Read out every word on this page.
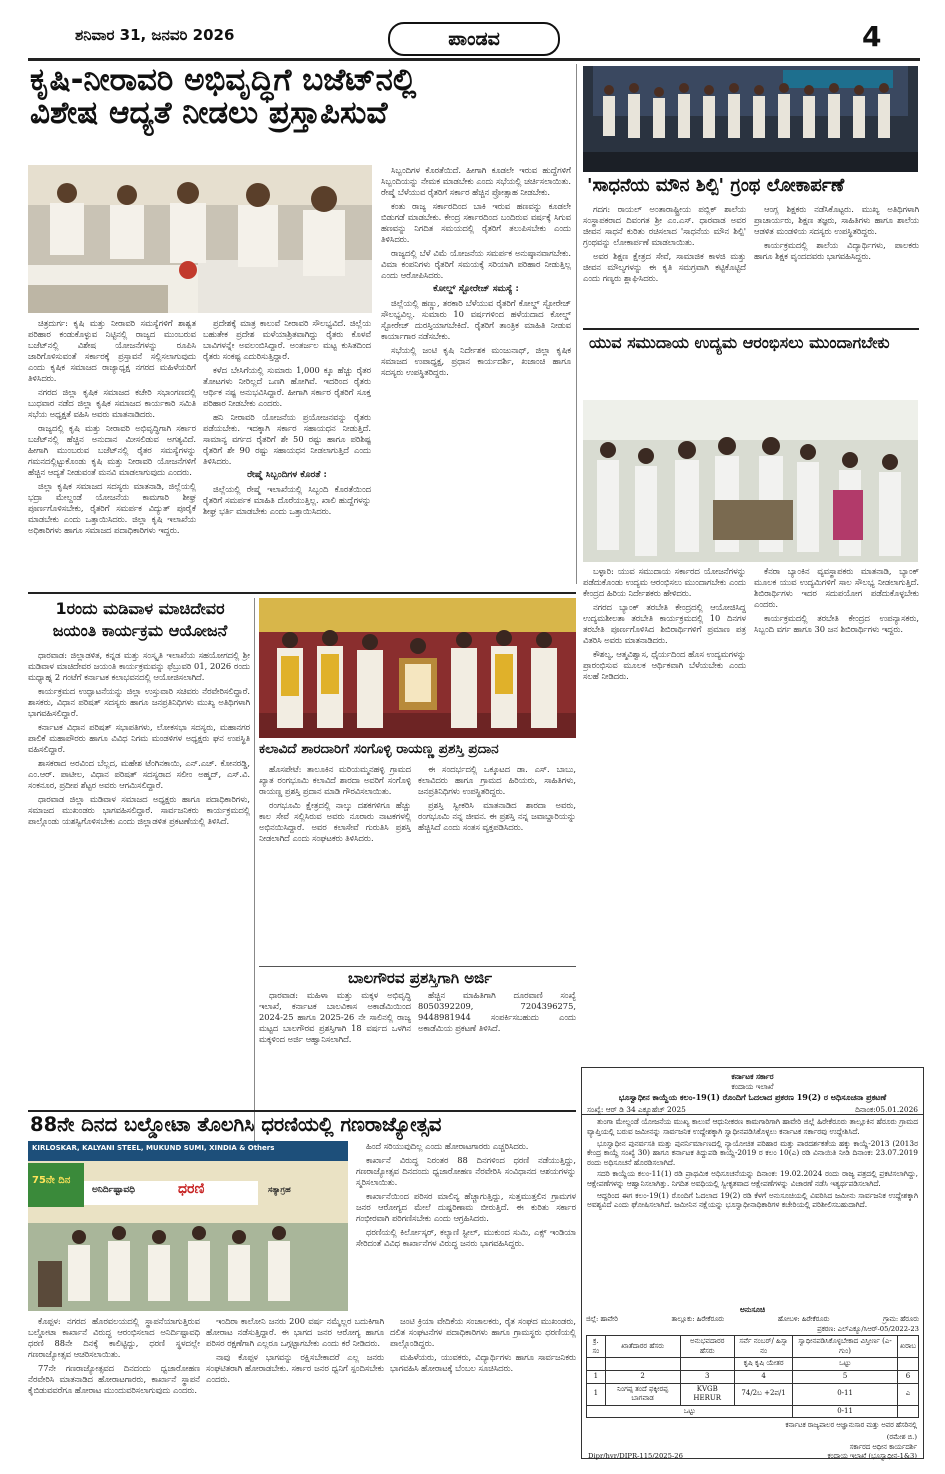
ಶನಿವಾರ 31, ಜನವರಿ 2026	ಪಾಂಡವ	4
ಕೃಷಿ-ನೀರಾವರಿ ಅಭಿವೃದ್ಧಿಗೆ ಬಜೆಟ್‌ನಲ್ಲಿ
ವಿಶೇಷ ಆದ್ಯತೆ ನೀಡಲು ಪ್ರಸ್ತಾಪಿಸುವೆ

ಚಿತ್ರದುರ್ಗ: ಕೃಷಿ ಮತ್ತು ನೀರಾವರಿ ಸಮಸ್ಯೆಗಳಿಗೆ ಶಾಶ್ವತ ಪರಿಹಾರ ಕಂಡುಕೊಳ್ಳುವ ನಿಟ್ಟಿನಲ್ಲಿ ರಾಜ್ಯದ ಮುಂಬರುವ ಬಜೆಟ್‌ನಲ್ಲಿ ವಿಶೇಷ ಯೋಜನೆಗಳನ್ನು ರೂಪಿಸಿ ಜಾರಿಗೊಳಿಸುವಂತೆ ಸರ್ಕಾರಕ್ಕೆ ಪ್ರಸ್ತಾವನೆ ಸಲ್ಲಿಸಲಾಗುವುದು ಎಂದು ಕೃಷಿಕ ಸಮಾಜದ ರಾಜ್ಯಾಧ್ಯಕ್ಷ ನಗರದ ಮಹಿಳೆಯರಿಗೆ ತಿಳಿಸಿದರು.

ನಗರದ ಜಿಲ್ಲಾ ಕೃಷಿಕ ಸಮಾಜದ ಕಚೇರಿ ಸಭಾಂಗಣದಲ್ಲಿ ಬುಧವಾರ ನಡೆದ ಜಿಲ್ಲಾ ಕೃಷಿಕ ಸಮಾಜದ ಕಾರ್ಯಕಾರಿ ಸಮಿತಿ ಸಭೆಯ ಅಧ್ಯಕ್ಷತೆ ವಹಿಸಿ ಅವರು ಮಾತನಾಡಿದರು.

ರಾಜ್ಯದಲ್ಲಿ ಕೃಷಿ ಮತ್ತು ನೀರಾವರಿ ಅಭಿವೃದ್ಧಿಗಾಗಿ ಸರ್ಕಾರ ಬಜೆಟ್‌ನಲ್ಲಿ ಹೆಚ್ಚಿನ ಅನುದಾನ ಮೀಸಲಿಡುವ ಅಗತ್ಯವಿದೆ. ಹೀಗಾಗಿ ಮುಂಬರುವ ಬಜೆಟ್‌ನಲ್ಲಿ ರೈತರ ಸಮಸ್ಯೆಗಳನ್ನು ಗಮನದಲ್ಲಿಟ್ಟುಕೊಂಡು ಕೃಷಿ ಮತ್ತು ನೀರಾವರಿ ಯೋಜನೆಗಳಿಗೆ ಹೆಚ್ಚಿನ ಆದ್ಯತೆ ನೀಡುವಂತೆ ಮನವಿ ಮಾಡಲಾಗುವುದು ಎಂದರು.

ಜಿಲ್ಲಾ ಕೃಷಿಕ ಸಮಾಜದ ಸದಸ್ಯರು ಮಾತನಾಡಿ, ಜಿಲ್ಲೆಯಲ್ಲಿ ಭದ್ರಾ ಮೇಲ್ದಂಡೆ ಯೋಜನೆಯ ಕಾಮಗಾರಿ ಶೀಘ್ರ ಪೂರ್ಣಗೊಳಿಸಬೇಕು, ರೈತರಿಗೆ ಸಮರ್ಪಕ ವಿದ್ಯುತ್ ಪೂರೈಕೆ ಮಾಡಬೇಕು ಎಂದು ಒತ್ತಾಯಿಸಿದರು. ಜಿಲ್ಲಾ ಕೃಷಿ ಇಲಾಖೆಯ ಅಧಿಕಾರಿಗಳು ಹಾಗೂ ಸಮಾಜದ ಪದಾಧಿಕಾರಿಗಳು ಇದ್ದರು.

ಪ್ರದೇಶಕ್ಕೆ ಮಾತ್ರ ಕಾಲುವೆ ನೀರಾವರಿ ಸೌಲಭ್ಯವಿದೆ. ಜಿಲ್ಲೆಯ ಬಹುತೇಕ ಪ್ರದೇಶ ಮಳೆಯಾಶ್ರಿತವಾಗಿದ್ದು ರೈತರು ಕೊಳವೆ ಬಾವಿಗಳನ್ನೇ ಅವಲಂಬಿಸಿದ್ದಾರೆ. ಅಂತರ್ಜಲ ಮಟ್ಟ ಕುಸಿತದಿಂದ ರೈತರು ಸಂಕಷ್ಟ ಎದುರಿಸುತ್ತಿದ್ದಾರೆ.

ಕಳೆದ ಬೇಸಿಗೆಯಲ್ಲಿ ಸುಮಾರು 1,000 ಕ್ಕೂ ಹೆಚ್ಚು ರೈತರ ತೋಟಗಳು ನೀರಿಲ್ಲದೆ ಒಣಗಿ ಹೋಗಿವೆ. ಇದರಿಂದ ರೈತರು ಆರ್ಥಿಕ ನಷ್ಟ ಅನುಭವಿಸಿದ್ದಾರೆ. ಹೀಗಾಗಿ ಸರ್ಕಾರ ರೈತರಿಗೆ ಸೂಕ್ತ ಪರಿಹಾರ ನೀಡಬೇಕು ಎಂದರು.

ಹನಿ ನೀರಾವರಿ ಯೋಜನೆಯ ಪ್ರಯೋಜನವನ್ನು ರೈತರು ಪಡೆಯಬೇಕು. ಇದಕ್ಕಾಗಿ ಸರ್ಕಾರ ಸಹಾಯಧನ ನೀಡುತ್ತಿದೆ. ಸಾಮಾನ್ಯ ವರ್ಗದ ರೈತರಿಗೆ ಶೇ 50 ರಷ್ಟು ಹಾಗೂ ಪರಿಶಿಷ್ಟ ರೈತರಿಗೆ ಶೇ 90 ರಷ್ಟು ಸಹಾಯಧನ ನೀಡಲಾಗುತ್ತಿದೆ ಎಂದು ತಿಳಿಸಿದರು.

ರೇಷ್ಮೆ ಸಿಬ್ಬಂದಿಗಳ ಕೊರತೆ :

ಜಿಲ್ಲೆಯಲ್ಲಿ ರೇಷ್ಮೆ ಇಲಾಖೆಯಲ್ಲಿ ಸಿಬ್ಬಂದಿ ಕೊರತೆಯಿಂದ ರೈತರಿಗೆ ಸಮರ್ಪಕ ಮಾಹಿತಿ ದೊರೆಯುತ್ತಿಲ್ಲ. ಖಾಲಿ ಹುದ್ದೆಗಳನ್ನು ಶೀಘ್ರ ಭರ್ತಿ ಮಾಡಬೇಕು ಎಂದು ಒತ್ತಾಯಿಸಿದರು.

ಸಿಬ್ಬಂದಿಗಳ ಕೊರತೆಯಿದೆ. ಹೀಗಾಗಿ ಕೂಡಲೇ ಇರುವ ಹುದ್ದೆಗಳಿಗೆ ಸಿಬ್ಬಂದಿಯನ್ನು ನೇಮಕ ಮಾಡಬೇಕು ಎಂದು ಸಭೆಯಲ್ಲಿ ಚರ್ಚಿಸಲಾಯಿತು. ರೇಷ್ಮೆ ಬೆಳೆಯುವ ರೈತರಿಗೆ ಸರ್ಕಾರ ಹೆಚ್ಚಿನ ಪ್ರೋತ್ಸಾಹ ನೀಡಬೇಕು.

ಕಂತು ರಾಜ್ಯ ಸರ್ಕಾರದಿಂದ ಬಾಕಿ ಇರುವ ಹಣವನ್ನು ಕೂಡಲೇ ಬಿಡುಗಡೆ ಮಾಡಬೇಕು. ಕೇಂದ್ರ ಸರ್ಕಾರದಿಂದ ಬಂದಿರುವ ವರ್ಷಕ್ಕೆ ಸಿಗುವ ಹಣವನ್ನು ನಿಗದಿತ ಸಮಯದಲ್ಲಿ ರೈತರಿಗೆ ತಲುಪಿಸಬೇಕು ಎಂದು ತಿಳಿಸಿದರು.

ರಾಜ್ಯದಲ್ಲಿ ಬೆಳೆ ವಿಮೆ ಯೋಜನೆಯ ಸಮರ್ಪಕ ಅನುಷ್ಠಾನವಾಗಬೇಕು. ವಿಮಾ ಕಂಪನಿಗಳು ರೈತರಿಗೆ ಸಮಯಕ್ಕೆ ಸರಿಯಾಗಿ ಪರಿಹಾರ ನೀಡುತ್ತಿಲ್ಲ ಎಂದು ಆರೋಪಿಸಿದರು.

ಕೋಲ್ಡ್ ಸ್ಟೋರೇಜ್ ಸಮಸ್ಯೆ :

ಜಿಲ್ಲೆಯಲ್ಲಿ ಹಣ್ಣು, ತರಕಾರಿ ಬೆಳೆಯುವ ರೈತರಿಗೆ ಕೋಲ್ಡ್ ಸ್ಟೋರೇಜ್ ಸೌಲಭ್ಯವಿಲ್ಲ. ಸುಮಾರು 10 ವರ್ಷಗಳಿಂದ ಹಳೆಯದಾದ ಕೋಲ್ಡ್ ಸ್ಟೋರೇಜ್ ದುರಸ್ತಿಯಾಗಬೇಕಿದೆ. ರೈತರಿಗೆ ತಾಂತ್ರಿಕ ಮಾಹಿತಿ ನೀಡುವ ಕಾರ್ಯಾಗಾರ ನಡೆಸಬೇಕು.

ಸಭೆಯಲ್ಲಿ ಜಂಟಿ ಕೃಷಿ ನಿರ್ದೇಶಕ ಮಂಜುನಾಥ್, ಜಿಲ್ಲಾ ಕೃಷಿಕ ಸಮಾಜದ ಉಪಾಧ್ಯಕ್ಷ, ಪ್ರಧಾನ ಕಾರ್ಯದರ್ಶಿ, ಖಜಾಂಚಿ ಹಾಗೂ ಸದಸ್ಯರು ಉಪಸ್ಥಿತರಿದ್ದರು.

'ಸಾಧನೆಯ ಮೌನ ಶಿಲ್ಪಿ' ಗ್ರಂಥ ಲೋಕಾರ್ಪಣೆ

ಗದಗ: ರಾಯಲ್ ಅಂತಾರಾಷ್ಟ್ರೀಯ ಪಬ್ಲಿಕ್ ಶಾಲೆಯ ಸಂಸ್ಥಾಪಕರಾದ ದಿವಂಗತ ಶ್ರೀ ಎಂ.ಎಸ್. ಧಾರವಾಡ ಅವರ ಜೀವನ ಸಾಧನೆ ಕುರಿತು ರಚಿಸಲಾದ 'ಸಾಧನೆಯ ಮೌನ ಶಿಲ್ಪಿ' ಗ್ರಂಥವನ್ನು ಲೋಕಾರ್ಪಣೆ ಮಾಡಲಾಯಿತು.

ಅವರ ಶಿಕ್ಷಣ ಕ್ಷೇತ್ರದ ಸೇವೆ, ಸಾಮಾಜಿಕ ಕಾಳಜಿ ಮತ್ತು ಜೀವನ ಮೌಲ್ಯಗಳನ್ನು ಈ ಕೃತಿ ಸಮಗ್ರವಾಗಿ ಕಟ್ಟಿಕೊಟ್ಟಿದೆ ಎಂದು ಗಣ್ಯರು ಶ್ಲಾಘಿಸಿದರು.

ಆಂಗ್ಲ ಶಿಕ್ಷಕರು ನಡೆಸಿಕೊಟ್ಟರು. ಮುಖ್ಯ ಅತಿಥಿಗಳಾಗಿ ಪ್ರಾಚಾರ್ಯರು, ಶಿಕ್ಷಣ ತಜ್ಞರು, ಸಾಹಿತಿಗಳು ಹಾಗೂ ಶಾಲೆಯ ಆಡಳಿತ ಮಂಡಳಿಯ ಸದಸ್ಯರು ಉಪಸ್ಥಿತರಿದ್ದರು.

ಕಾರ್ಯಕ್ರಮದಲ್ಲಿ ಶಾಲೆಯ ವಿದ್ಯಾರ್ಥಿಗಳು, ಪಾಲಕರು ಹಾಗೂ ಶಿಕ್ಷಕ ವೃಂದದವರು ಭಾಗವಹಿಸಿದ್ದರು.

ಯುವ ಸಮುದಾಯ ಉದ್ಯಮ ಆರಂಭಿಸಲು ಮುಂದಾಗಬೇಕು

ಬಳ್ಳಾರಿ: ಯುವ ಸಮುದಾಯ ಸರ್ಕಾರದ ಯೋಜನೆಗಳನ್ನು ಪಡೆದುಕೊಂಡು ಉದ್ಯಮ ಆರಂಭಿಸಲು ಮುಂದಾಗಬೇಕು ಎಂದು ಕೇಂದ್ರದ ಹಿರಿಯ ನಿರ್ದೇಶಕರು ಹೇಳಿದರು.

ನಗರದ ಬ್ಯಾಂಕ್ ತರಬೇತಿ ಕೇಂದ್ರದಲ್ಲಿ ಆಯೋಜಿಸಿದ್ದ ಉದ್ಯಮಶೀಲತಾ ತರಬೇತಿ ಕಾರ್ಯಕ್ರಮದಲ್ಲಿ 10 ದಿನಗಳ ತರಬೇತಿ ಪೂರ್ಣಗೊಳಿಸಿದ ಶಿಬಿರಾರ್ಥಿಗಳಿಗೆ ಪ್ರಮಾಣ ಪತ್ರ ವಿತರಿಸಿ ಅವರು ಮಾತನಾಡಿದರು.

ಕೌಶಲ್ಯ, ಆತ್ಮವಿಶ್ವಾಸ, ಧೈರ್ಯದಿಂದ ಹೊಸ ಉದ್ಯಮಗಳನ್ನು ಪ್ರಾರಂಭಿಸುವ ಮೂಲಕ ಆರ್ಥಿಕವಾಗಿ ಬೆಳೆಯಬೇಕು ಎಂದು ಸಲಹೆ ನೀಡಿದರು.

ಕೆನರಾ ಬ್ಯಾಂಕಿನ ವ್ಯವಸ್ಥಾಪಕರು ಮಾತನಾಡಿ, ಬ್ಯಾಂಕ್ ಮೂಲಕ ಯುವ ಉದ್ಯಮಿಗಳಿಗೆ ಸಾಲ ಸೌಲಭ್ಯ ನೀಡಲಾಗುತ್ತಿದೆ. ಶಿಬಿರಾರ್ಥಿಗಳು ಇದರ ಸದುಪಯೋಗ ಪಡೆದುಕೊಳ್ಳಬೇಕು ಎಂದರು.

ಕಾರ್ಯಕ್ರಮದಲ್ಲಿ ತರಬೇತಿ ಕೇಂದ್ರದ ಉಪನ್ಯಾಸಕರು, ಸಿಬ್ಬಂದಿ ವರ್ಗ ಹಾಗೂ 30 ಜನ ಶಿಬಿರಾರ್ಥಿಗಳು ಇದ್ದರು.

1ರಂದು ಮಡಿವಾಳ ಮಾಚಿದೇವರ
ಜಯಂತಿ ಕಾರ್ಯಕ್ರಮ ಆಯೋಜನೆ

ಧಾರವಾಡ: ಜಿಲ್ಲಾಡಳಿತ, ಕನ್ನಡ ಮತ್ತು ಸಂಸ್ಕೃತಿ ಇಲಾಖೆಯ ಸಹಯೋಗದಲ್ಲಿ ಶ್ರೀ ಮಡಿವಾಳ ಮಾಚಿದೇವರ ಜಯಂತಿ ಕಾರ್ಯಕ್ರಮವನ್ನು ಫೆಬ್ರುವರಿ 01, 2026 ರಂದು ಮಧ್ಯಾಹ್ನ 2 ಗಂಟೆಗೆ ಕರ್ನಾಟಕ ಕಲಾಭವನದಲ್ಲಿ ಆಯೋಜಿಸಲಾಗಿದೆ.

ಕಾರ್ಯಕ್ರಮದ ಉದ್ಘಾಟನೆಯನ್ನು ಜಿಲ್ಲಾ ಉಸ್ತುವಾರಿ ಸಚಿವರು ನೆರವೇರಿಸಲಿದ್ದಾರೆ. ಶಾಸಕರು, ವಿಧಾನ ಪರಿಷತ್ ಸದಸ್ಯರು ಹಾಗೂ ಜನಪ್ರತಿನಿಧಿಗಳು ಮುಖ್ಯ ಅತಿಥಿಗಳಾಗಿ ಭಾಗವಹಿಸಲಿದ್ದಾರೆ.

ಕರ್ನಾಟಕ ವಿಧಾನ ಪರಿಷತ್ ಸಭಾಪತಿಗಳು, ಲೋಕಸಭಾ ಸದಸ್ಯರು, ಮಹಾನಗರ ಪಾಲಿಕೆ ಮಹಾಪೌರರು ಹಾಗೂ ವಿವಿಧ ನಿಗಮ ಮಂಡಳಿಗಳ ಅಧ್ಯಕ್ಷರು ಘನ ಉಪಸ್ಥಿತಿ ವಹಿಸಲಿದ್ದಾರೆ.

ಶಾಸಕರಾದ ಅರವಿಂದ ಬೆಲ್ಲದ, ಮಹೇಶ ಟೆಂಗಿನಕಾಯಿ, ಎನ್.ಎಚ್. ಕೋನರಡ್ಡಿ, ಎಂ.ಆರ್. ಪಾಟೀಲ, ವಿಧಾನ ಪರಿಷತ್ ಸದಸ್ಯರಾದ ಸಲೀಂ ಅಹ್ಮದ್, ಎಸ್.ವಿ. ಸಂಕನೂರ, ಪ್ರದೀಪ ಶೆಟ್ಟರ ಅವರು ಆಗಮಿಸಲಿದ್ದಾರೆ.

ಧಾರವಾಡ ಜಿಲ್ಲಾ ಮಡಿವಾಳ ಸಮಾಜದ ಅಧ್ಯಕ್ಷರು ಹಾಗೂ ಪದಾಧಿಕಾರಿಗಳು, ಸಮಾಜದ ಮುಖಂಡರು ಭಾಗವಹಿಸಲಿದ್ದಾರೆ. ಸಾರ್ವಜನಿಕರು ಕಾರ್ಯಕ್ರಮದಲ್ಲಿ ಪಾಲ್ಗೊಂಡು ಯಶಸ್ವಿಗೊಳಿಸಬೇಕು ಎಂದು ಜಿಲ್ಲಾಡಳಿತ ಪ್ರಕಟಣೆಯಲ್ಲಿ ತಿಳಿಸಿದೆ.

ಕಲಾವಿದೆ ಶಾರದಾರಿಗೆ ಸಂಗೊಳ್ಳಿ ರಾಯಣ್ಣ ಪ್ರಶಸ್ತಿ ಪ್ರದಾನ

ಹೊಸಪೇಟೆ: ತಾಲೂಕಿನ ಮರಿಯಮ್ಮನಹಳ್ಳಿ ಗ್ರಾಮದ ಖ್ಯಾತ ರಂಗಭೂಮಿ ಕಲಾವಿದೆ ಶಾರದಾ ಅವರಿಗೆ ಸಂಗೊಳ್ಳಿ ರಾಯಣ್ಣ ಪ್ರಶಸ್ತಿ ಪ್ರದಾನ ಮಾಡಿ ಗೌರವಿಸಲಾಯಿತು.

ರಂಗಭೂಮಿ ಕ್ಷೇತ್ರದಲ್ಲಿ ನಾಲ್ಕು ದಶಕಗಳಿಗೂ ಹೆಚ್ಚು ಕಾಲ ಸೇವೆ ಸಲ್ಲಿಸಿರುವ ಅವರು ನೂರಾರು ನಾಟಕಗಳಲ್ಲಿ ಅಭಿನಯಿಸಿದ್ದಾರೆ. ಅವರ ಕಲಾಸೇವೆ ಗುರುತಿಸಿ ಪ್ರಶಸ್ತಿ ನೀಡಲಾಗಿದೆ ಎಂದು ಸಂಘಟಕರು ತಿಳಿಸಿದರು.

ಈ ಸಂದರ್ಭದಲ್ಲಿ ಒಕ್ಕೂಟದ ಡಾ. ಎಸ್. ಬಾಬು, ಕಲಾವಿದರು ಹಾಗೂ ಗ್ರಾಮದ ಹಿರಿಯರು, ಸಾಹಿತಿಗಳು, ಜನಪ್ರತಿನಿಧಿಗಳು ಉಪಸ್ಥಿತರಿದ್ದರು.

ಪ್ರಶಸ್ತಿ ಸ್ವೀಕರಿಸಿ ಮಾತನಾಡಿದ ಶಾರದಾ ಅವರು, ರಂಗಭೂಮಿ ನನ್ನ ಜೀವನ. ಈ ಪ್ರಶಸ್ತಿ ನನ್ನ ಜವಾಬ್ದಾರಿಯನ್ನು ಹೆಚ್ಚಿಸಿದೆ ಎಂದು ಸಂತಸ ವ್ಯಕ್ತಪಡಿಸಿದರು.

ಬಾಲಗೌರವ ಪ್ರಶಸ್ತಿಗಾಗಿ ಅರ್ಜಿ

ಧಾರವಾಡ: ಮಹಿಳಾ ಮತ್ತು ಮಕ್ಕಳ ಅಭಿವೃದ್ಧಿ ಇಲಾಖೆ, ಕರ್ನಾಟಕ ಬಾಲವಿಕಾಸ ಅಕಾಡೆಮಿಯಿಂದ 2024-25 ಹಾಗೂ 2025-26 ನೇ ಸಾಲಿನಲ್ಲಿ ರಾಜ್ಯ ಮಟ್ಟದ ಬಾಲಗೌರವ ಪ್ರಶಸ್ತಿಗಾಗಿ 18 ವರ್ಷದ ಒಳಗಿನ ಮಕ್ಕಳಿಂದ ಅರ್ಜಿ ಆಹ್ವಾನಿಸಲಾಗಿದೆ.

ಹೆಚ್ಚಿನ ಮಾಹಿತಿಗಾಗಿ ದೂರವಾಣಿ ಸಂಖ್ಯೆ 8050392209, 7204396275, 9448981944 ಸಂಪರ್ಕಿಸಬಹುದು ಎಂದು ಅಕಾಡೆಮಿಯ ಪ್ರಕಟಣೆ ತಿಳಿಸಿದೆ.

88ನೇ ದಿನದ ಬಲ್ಡೋಟಾ ತೊಲಗಿಸಿ ಧರಣಿಯಲ್ಲಿ ಗಣರಾಜ್ಯೋತ್ಸವ
KIRLOSKAR, KALYANI STEEL, MUKUND SUMI, XINDIA & Others
75ನೇ ದಿನ
ಅನಿರ್ದಿಷ್ಟಾವಧಿ	ಧರಣಿ	ಸತ್ಯಾಗ್ರಹ

ಹಿಂದೆ ಸರಿಯುವುದಿಲ್ಲ ಎಂದು ಹೋರಾಟಗಾರರು ಎಚ್ಚರಿಸಿದರು.

ಕಾರ್ಖಾನೆ ವಿರುದ್ಧ ನಿರಂತರ 88 ದಿನಗಳಿಂದ ಧರಣಿ ನಡೆಯುತ್ತಿದ್ದು, ಗಣರಾಜ್ಯೋತ್ಸವ ದಿನದಂದು ಧ್ವಜಾರೋಹಣ ನೆರವೇರಿಸಿ ಸಂವಿಧಾನದ ಆಶಯಗಳನ್ನು ಸ್ಮರಿಸಲಾಯಿತು.

ಕಾರ್ಖಾನೆಯಿಂದ ಪರಿಸರ ಮಾಲಿನ್ಯ ಹೆಚ್ಚಾಗುತ್ತಿದ್ದು, ಸುತ್ತಮುತ್ತಲಿನ ಗ್ರಾಮಗಳ ಜನರ ಆರೋಗ್ಯದ ಮೇಲೆ ದುಷ್ಪರಿಣಾಮ ಬೀರುತ್ತಿದೆ. ಈ ಕುರಿತು ಸರ್ಕಾರ ಗಂಭೀರವಾಗಿ ಪರಿಗಣಿಸಬೇಕು ಎಂದು ಆಗ್ರಹಿಸಿದರು.

ಧರಣಿಯಲ್ಲಿ ಕಿರ್ಲೋಸ್ಕರ್, ಕಲ್ಯಾಣಿ ಸ್ಟೀಲ್, ಮುಕುಂದ ಸುಮಿ, ಎಕ್ಸ್ ಇಂಡಿಯಾ ಸೇರಿದಂತೆ ವಿವಿಧ ಕಾರ್ಖಾನೆಗಳ ವಿರುದ್ಧ ಜನರು ಭಾಗವಹಿಸಿದ್ದರು.

ಕೊಪ್ಪಳ: ನಗರದ ಹೊರವಲಯದಲ್ಲಿ ಸ್ಥಾಪನೆಯಾಗುತ್ತಿರುವ ಬಲ್ಡೋಟಾ ಕಾರ್ಖಾನೆ ವಿರುದ್ಧ ಆರಂಭಿಸಲಾದ ಅನಿರ್ದಿಷ್ಟಾವಧಿ ಧರಣಿ 88ನೇ ದಿನಕ್ಕೆ ಕಾಲಿಟ್ಟಿದ್ದು, ಧರಣಿ ಸ್ಥಳದಲ್ಲೇ ಗಣರಾಜ್ಯೋತ್ಸವ ಆಚರಿಸಲಾಯಿತು.

77ನೇ ಗಣರಾಜ್ಯೋತ್ಸವದ ದಿನದಂದು ಧ್ವಜಾರೋಹಣ ನೆರವೇರಿಸಿ ಮಾತನಾಡಿದ ಹೋರಾಟಗಾರರು, ಕಾರ್ಖಾನೆ ಸ್ಥಾಪನೆ ಕೈಬಿಡುವವರೆಗೂ ಹೋರಾಟ ಮುಂದುವರಿಸಲಾಗುವುದು ಎಂದರು.

ಇಂದಿರಾ ಕಾಲೋನಿ ಜನರು 200 ವರ್ಷ ನಮ್ಮೆಲ್ಲರ ಬದುಕಿಗಾಗಿ ಹೋರಾಟ ನಡೆಸುತ್ತಿದ್ದಾರೆ. ಈ ಭಾಗದ ಜನರ ಆರೋಗ್ಯ ಹಾಗೂ ಪರಿಸರ ರಕ್ಷಣೆಗಾಗಿ ಎಲ್ಲರೂ ಒಗ್ಗಟ್ಟಾಗಬೇಕು ಎಂದು ಕರೆ ನೀಡಿದರು.

ನಾವು ಕೊಪ್ಪಳ ಭಾಗವನ್ನು ರಕ್ಷಿಸಬೇಕಾದರೆ ಎಲ್ಲ ಜನರು ಸಂಘಟಿತರಾಗಿ ಹೋರಾಡಬೇಕು. ಸರ್ಕಾರ ಜನರ ಧ್ವನಿಗೆ ಸ್ಪಂದಿಸಬೇಕು ಎಂದರು.

ಜಂಟಿ ಕ್ರಿಯಾ ವೇದಿಕೆಯ ಸಂಚಾಲಕರು, ರೈತ ಸಂಘದ ಮುಖಂಡರು, ದಲಿತ ಸಂಘಟನೆಗಳ ಪದಾಧಿಕಾರಿಗಳು ಹಾಗೂ ಗ್ರಾಮಸ್ಥರು ಧರಣಿಯಲ್ಲಿ ಪಾಲ್ಗೊಂಡಿದ್ದರು.

ಮಹಿಳೆಯರು, ಯುವಕರು, ವಿದ್ಯಾರ್ಥಿಗಳು ಹಾಗೂ ಸಾರ್ವಜನಿಕರು ಭಾಗವಹಿಸಿ ಹೋರಾಟಕ್ಕೆ ಬೆಂಬಲ ಸೂಚಿಸಿದರು.

ಕರ್ನಾಟಕ ಸರ್ಕಾರ
ಕಂದಾಯ ಇಲಾಖೆ
ಭೂಸ್ವಾಧೀನ ಕಾಯ್ದೆಯ ಕಲಂ-19(1) ರೊಂದಿಗೆ ಓದಲಾದ ಪ್ರಕರಣ 19(2) ರ ಅಧಿಸೂಚನಾ ಪ್ರಕಟಣೆ
ಸಂಖ್ಯೆ: ಆರ್ ಡಿ 34 ಎಕ್ಯೂಹೆಚ್ 2025	ದಿನಾಂಕ:05.01.2026

ತುಂಗಾ ಮೇಲ್ದಂಡೆ ಯೋಜನೆಯ ಮುಖ್ಯ ಕಾಲುವೆ ಆಧುನೀಕರಣ ಕಾಮಗಾರಿಗಾಗಿ ಹಾವೇರಿ ಜಿಲ್ಲೆ ಹಿರೇಕೆರೂರು ತಾಲ್ಲೂಕಿನ ಹೆರೂರು ಗ್ರಾಮದ ವ್ಯಾಪ್ತಿಯಲ್ಲಿ ಬರುವ ಜಮೀನನ್ನು ಸಾರ್ವಜನಿಕ ಉದ್ದೇಶಕ್ಕಾಗಿ ಸ್ವಾಧೀನಪಡಿಸಿಕೊಳ್ಳಲು ಕರ್ನಾಟಕ ಸರ್ಕಾರವು ಉದ್ದೇಶಿಸಿದೆ.

ಭೂಸ್ವಾಧೀನ ಪುನರ್ವಸತಿ ಮತ್ತು ಪುನರ್ನಿರ್ಮಾಣದಲ್ಲಿ ನ್ಯಾಯೋಚಿತ ಪರಿಹಾರ ಮತ್ತು ಪಾರದರ್ಶಕತೆಯ ಹಕ್ಕು ಕಾಯ್ದೆ-2013 (2013ರ ಕೇಂದ್ರ ಕಾಯ್ದೆ ಸಂಖ್ಯೆ 30) ಹಾಗೂ ಕರ್ನಾಟಕ ತಿದ್ದುಪಡಿ ಕಾಯ್ದೆ-2019 ರ ಕಲಂ 10(ಎ) ರಡಿ ವಿನಾಯಿತಿ ನೀಡಿ ದಿನಾಂಕ: 23.07.2019 ರಂದು ಅಧಿಸೂಚನೆ ಹೊರಡಿಸಲಾಗಿದೆ.

ಸದರಿ ಕಾಯ್ದೆಯ ಕಲಂ-11(1) ರಡಿ ಪ್ರಾಥಮಿಕ ಅಧಿಸೂಚನೆಯನ್ನು ದಿನಾಂಕ: 19.02.2024 ರಂದು ರಾಜ್ಯ ಪತ್ರದಲ್ಲಿ ಪ್ರಕಟಿಸಲಾಗಿದ್ದು, ಆಕ್ಷೇಪಣೆಗಳನ್ನು ಆಹ್ವಾನಿಸಲಾಗಿತ್ತು. ನಿಗದಿತ ಅವಧಿಯಲ್ಲಿ ಸ್ವೀಕೃತವಾದ ಆಕ್ಷೇಪಣೆಗಳನ್ನು ವಿಚಾರಣೆ ನಡೆಸಿ ಇತ್ಯರ್ಥಪಡಿಸಲಾಗಿದೆ.

ಆದ್ದರಿಂದ ಈಗ ಕಲಂ-19(1) ರೊಂದಿಗೆ ಓದಲಾದ 19(2) ರಡಿ ಕೆಳಗೆ ಅನುಸೂಚಿಯಲ್ಲಿ ವಿವರಿಸಿದ ಜಮೀನು ಸಾರ್ವಜನಿಕ ಉದ್ದೇಶಕ್ಕಾಗಿ ಅವಶ್ಯವಿದೆ ಎಂದು ಘೋಷಿಸಲಾಗಿದೆ. ಜಮೀನಿನ ನಕ್ಷೆಯನ್ನು ಭೂಸ್ವಾಧೀನಾಧಿಕಾರಿಗಳ ಕಚೇರಿಯಲ್ಲಿ ಪರಿಶೀಲಿಸಬಹುದಾಗಿದೆ.

ಅನುಸೂಚಿ
ಜಿಲ್ಲೆ: ಹಾವೇರಿ	ತಾಲ್ಲೂಕು: ಹಿರೇಕೆರೂರು	ಹೋಬಳಿ: ಹಿರೇಕೆರೂರು	ಗ್ರಾಮ: ಹೆರೂರು
ಪ್ರಕರಣ: ಎಲ್‌ಎಕ್ಯೂ/ಸಿಆರ್-05/2022-23
ಕ್ರ. ಸಂ	ಖಾತೆದಾರರ ಹೆಸರು	ಅನುಭವದಾರರ ಹೆಸರು	ಸರ್ವೆ ನಂಬರ್/ ಹಿಸ್ಸಾ ನಂ	ಸ್ವಾಧೀನಪಡಿಸಿಕೊಳ್ಳಬೇಕಾದ ವಿಸ್ತೀರ್ಣ (ಎ-ಗುಂ)	ಖರಾಬ
			ಕೃಷಿ ಕೃಷಿ ಯೇತರ	ಒಟ್ಟು	
1	2	3	4	5	6
1	ನಿಂಗಪ್ಪ ತಂದೆ ಫಕ್ಕೀರಪ್ಪ ಬಾಗವಾಡ	KVGB HERUR	74/2ಬ +2ಪ/1	0-11	ಎ
ಒಟ್ಟು				0-11	
ಕರ್ನಾಟಕ ರಾಜ್ಯಪಾಲರ ಆಜ್ಞಾನುಸಾರ ಮತ್ತು ಅವರ ಹೆಸರಿನಲ್ಲಿ
Dipr/hvr/DIPR-115/2025-26
(ರಮೇಶ ಬಿ.)
ಸರ್ಕಾರದ ಅಧೀನ ಕಾರ್ಯದರ್ಶಿ
ಕಂದಾಯ ಇಲಾಖೆ (ಭೂಸ್ವಾಧೀನ-1&3)
